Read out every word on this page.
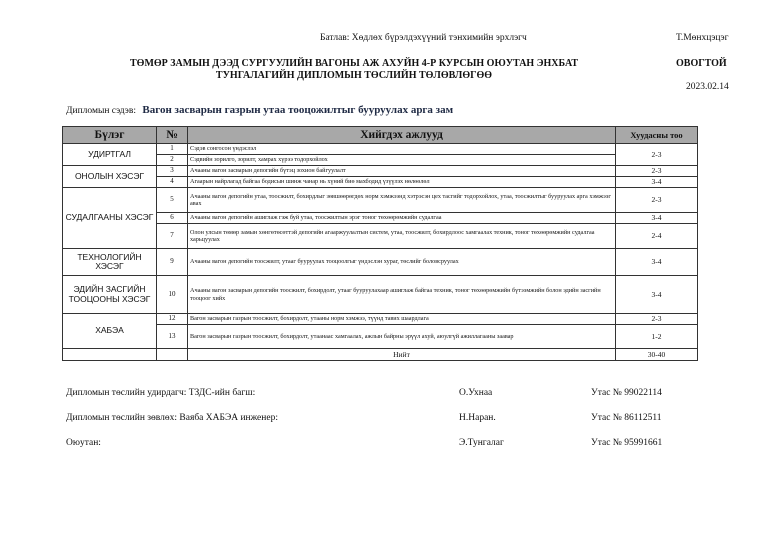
Батлав: Хөдлөх бүрэлдэхүүний тэнхимийн эрхлэгч	Т.Мөнхцэцэг
ТӨМӨР ЗАМЫН ДЭЭД СУРГУУЛИЙН ВАГОНЫ АЖ АХУЙН 4-Р КУРСЫН ОЮУТАН ЭНХБАТ	ОВОГТОЙ
ТУНГАЛАГИЙН ДИПЛОМЫН ТӨСЛИЙН ТӨЛӨВЛӨГӨӨ
2023.02.14
Дипломын сэдэв: Вагон засварын газрын утаа тооцожилтыг бууруулах арга зам
Бүлэг	№	Хийгдэх ажлууд	Хуудасны тоо
УДИРТГАЛ	1	Сэдэв сонгосон үндэслэл	2-3
	2	Сэдвийн зорилго, зорилт, хамрах хүрээ тодорхойлох	
ОНОЛЫН ХЭСЭГ	3	Ачааны вагон засварын депогийн бүтэц зохион байгуулалт	2-3
	4	Агаарын найрлагад байгаа бодисын шинж чанар нь хүний биө махбодид үзүүлэх нөлөөлөл	3-4
СУДАЛГААНЫ ХЭСЭГ	5	Ачааны вагон депогийн утаа, тоосжилт, бохирдлыг зөвшөөрөгдөх норм хэмжээнд хэтрэсэн цех тасгийг тодорхойлох, утаа, тоосжилтыг бууруулах арга хэмжээг авах	2-3
	6	Ачааны вагон депогийн ашиглаж гэж буй утаа, тоосжилтын эрэг тоног төхөөрөмжийн судалгаа	3-4
	7	Олон улсын төмөр замын хөнгөтөсөттэй депогийн агааржуулалтын систем, утаа, тоосжилт, бохирдлоос хамгаалах техник, тоног төхөөрөмжийн судалгаа харьцуулах	2-4
ТЕХНОЛОГИЙН ХЭСЭГ	9	Ачааны вагон депогийн тоосжилт, утааг бууруулах тооцоолгыг үндэслэн хураг, төслийг боловсруулах	3-4
ЭДИЙН ЗАСГИЙН ТООЦООНЫ ХЭСЭГ	10	Ачааны вагон засварын депогийн тоосжилт, бохирдолт, утааг бууруулахаар ашиглаж байгаа техник, тоног төхөөрөмжийн бүтээмжийн болон эдийн засгийн тооцоог хийх	3-4
ХАБЭА	12	Вагон засварын газрын тоосжилт, бохирдолт, утааны норм хэмжээ, түүнд тавих шаардлага	2-3
	13	Вагон засварын газрын тоосжилт, бохирдолт, утаанаас хамгаалах, ажлын байрны эрүүл ахуй, аюулгүй ажиллагааны заавар	1-2
		Нийт	30-40
Дипломын төслийн удирдагч: ТЗДС-ийн багш:	О.Ухнаа	Утас № 99022114
Дипломын төслийн зөвлөх: Ваяба ХАБЭА инженер:	Н.Наран.	Утас № 86112511
Оюутан:	Э.Тунгалаг	Утас № 95991661
